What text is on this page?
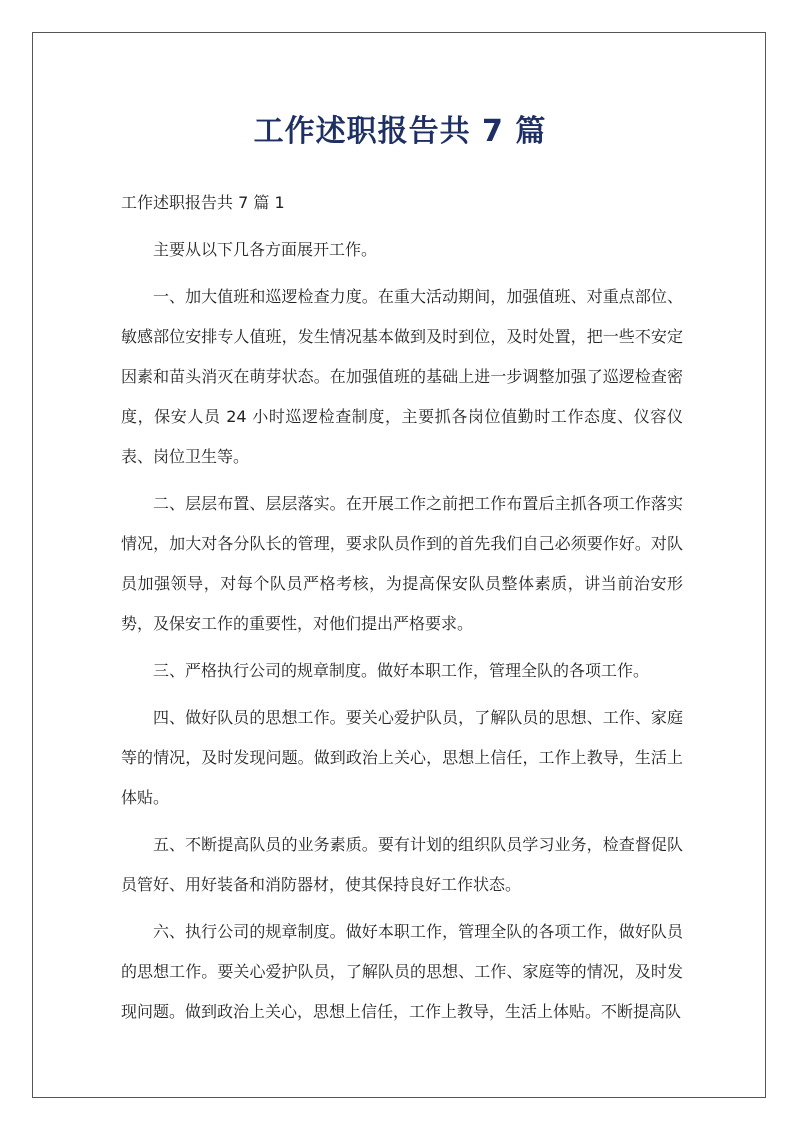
工作述职报告共 7 篇

工作述职报告共 7 篇 1

主要从以下几各方面展开工作。

一、加大值班和巡逻检查力度。在重大活动期间，加强值班、对重点部位、敏感部位安排专人值班，发生情况基本做到及时到位，及时处置，把一些不安定因素和苗头消灭在萌芽状态。在加强值班的基础上进一步调整加强了巡逻检查密度，保安人员 24 小时巡逻检查制度，主要抓各岗位值勤时工作态度、仪容仪表、岗位卫生等。

二、层层布置、层层落实。在开展工作之前把工作布置后主抓各项工作落实情况，加大对各分队长的管理，要求队员作到的首先我们自己必须要作好。对队员加强领导，对每个队员严格考核，为提高保安队员整体素质，讲当前治安形势，及保安工作的重要性，对他们提出严格要求。

三、严格执行公司的规章制度。做好本职工作，管理全队的各项工作。

四、做好队员的思想工作。要关心爱护队员，了解队员的思想、工作、家庭等的情况，及时发现问题。做到政治上关心，思想上信任，工作上教导，生活上体贴。

五、不断提高队员的业务素质。要有计划的组织队员学习业务，检查督促队员管好、用好装备和消防器材，使其保持良好工作状态。

六、执行公司的规章制度。做好本职工作，管理全队的各项工作，做好队员的思想工作。要关心爱护队员，了解队员的思想、工作、家庭等的情况，及时发现问题。做到政治上关心，思想上信任，工作上教导，生活上体贴。不断提高队
